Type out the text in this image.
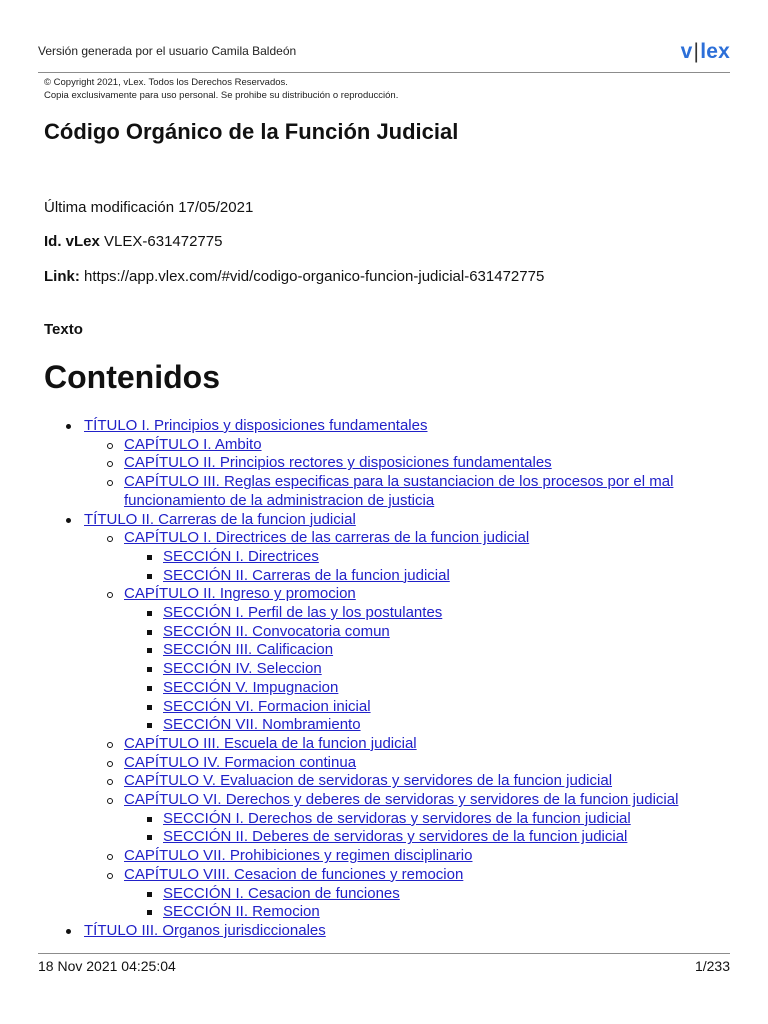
Versión generada por el usuario Camila Baldeón	v|lex
© Copyright 2021, vLex. Todos los Derechos Reservados.
Copia exclusivamente para uso personal. Se prohibe su distribución o reproducción.
Código Orgánico de la Función Judicial
Última modificación 17/05/2021
Id. vLex VLEX-631472775
Link: https://app.vlex.com/#vid/codigo-organico-funcion-judicial-631472775
Texto
Contenidos
TÍTULO I. Principios y disposiciones fundamentales
CAPÍTULO I. Ambito
CAPÍTULO II. Principios rectores y disposiciones fundamentales
CAPÍTULO III. Reglas especificas para la sustanciacion de los procesos por el mal funcionamiento de la administracion de justicia
TÍTULO II. Carreras de la funcion judicial
CAPÍTULO I. Directrices de las carreras de la funcion judicial
SECCIÓN I. Directrices
SECCIÓN II. Carreras de la funcion judicial
CAPÍTULO II. Ingreso y promocion
SECCIÓN I. Perfil de las y los postulantes
SECCIÓN II. Convocatoria comun
SECCIÓN III. Calificacion
SECCIÓN IV. Seleccion
SECCIÓN V. Impugnacion
SECCIÓN VI. Formacion inicial
SECCIÓN VII. Nombramiento
CAPÍTULO III. Escuela de la funcion judicial
CAPÍTULO IV. Formacion continua
CAPÍTULO V. Evaluacion de servidoras y servidores de la funcion judicial
CAPÍTULO VI. Derechos y deberes de servidoras y servidores de la funcion judicial
SECCIÓN I. Derechos de servidoras y servidores de la funcion judicial
SECCIÓN II. Deberes de servidoras y servidores de la funcion judicial
CAPÍTULO VII. Prohibiciones y regimen disciplinario
CAPÍTULO VIII. Cesacion de funciones y remocion
SECCIÓN I. Cesacion de funciones
SECCIÓN II. Remocion
TÍTULO III. Organos jurisdiccionales
18 Nov 2021 04:25:04	1/233
